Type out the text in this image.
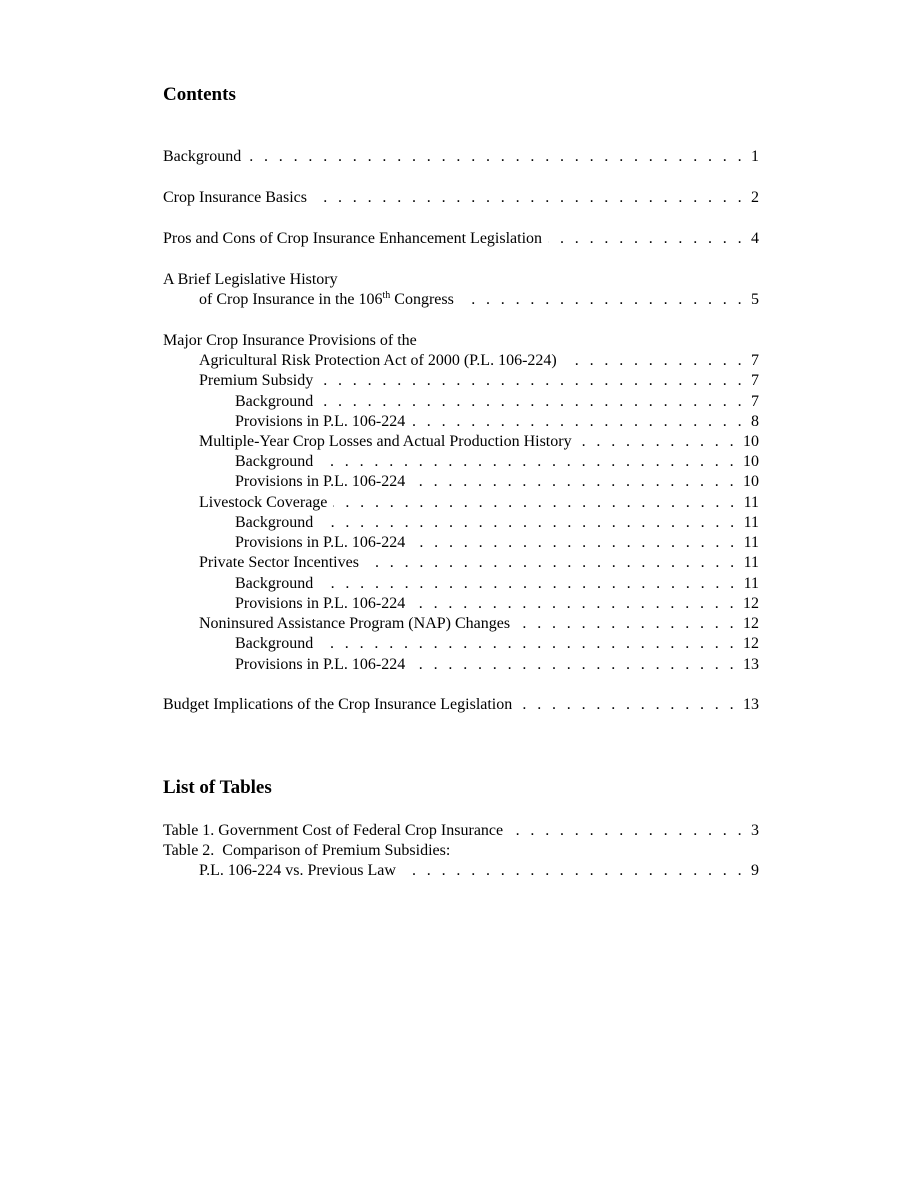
Contents
Background . . .	1
Crop Insurance Basics . . .	2
Pros and Cons of Crop Insurance Enhancement Legislation . . .	4
A Brief Legislative History
of Crop Insurance in the 106th Congress . . .	5
Major Crop Insurance Provisions of the
Agricultural Risk Protection Act of 2000 (P.L. 106-224) . . .	7
Premium Subsidy . . .	7
Background . . .	7
Provisions in P.L. 106-224 . . .	8
Multiple-Year Crop Losses and Actual Production History . . .	10
Background . . .	10
Provisions in P.L. 106-224 . . .	10
Livestock Coverage . . .	11
Background . . .	11
Provisions in P.L. 106-224 . . .	11
Private Sector Incentives . . .	11
Background . . .	11
Provisions in P.L. 106-224 . . .	12
Noninsured Assistance Program (NAP) Changes . . .	12
Background . . .	12
Provisions in P.L. 106-224 . . .	13
Budget Implications of the Crop Insurance Legislation . . .	13
List of Tables
Table 1. Government Cost of Federal Crop Insurance . . .	3
Table 2.  Comparison of Premium Subsidies:
P.L. 106-224 vs. Previous Law . . .	9
